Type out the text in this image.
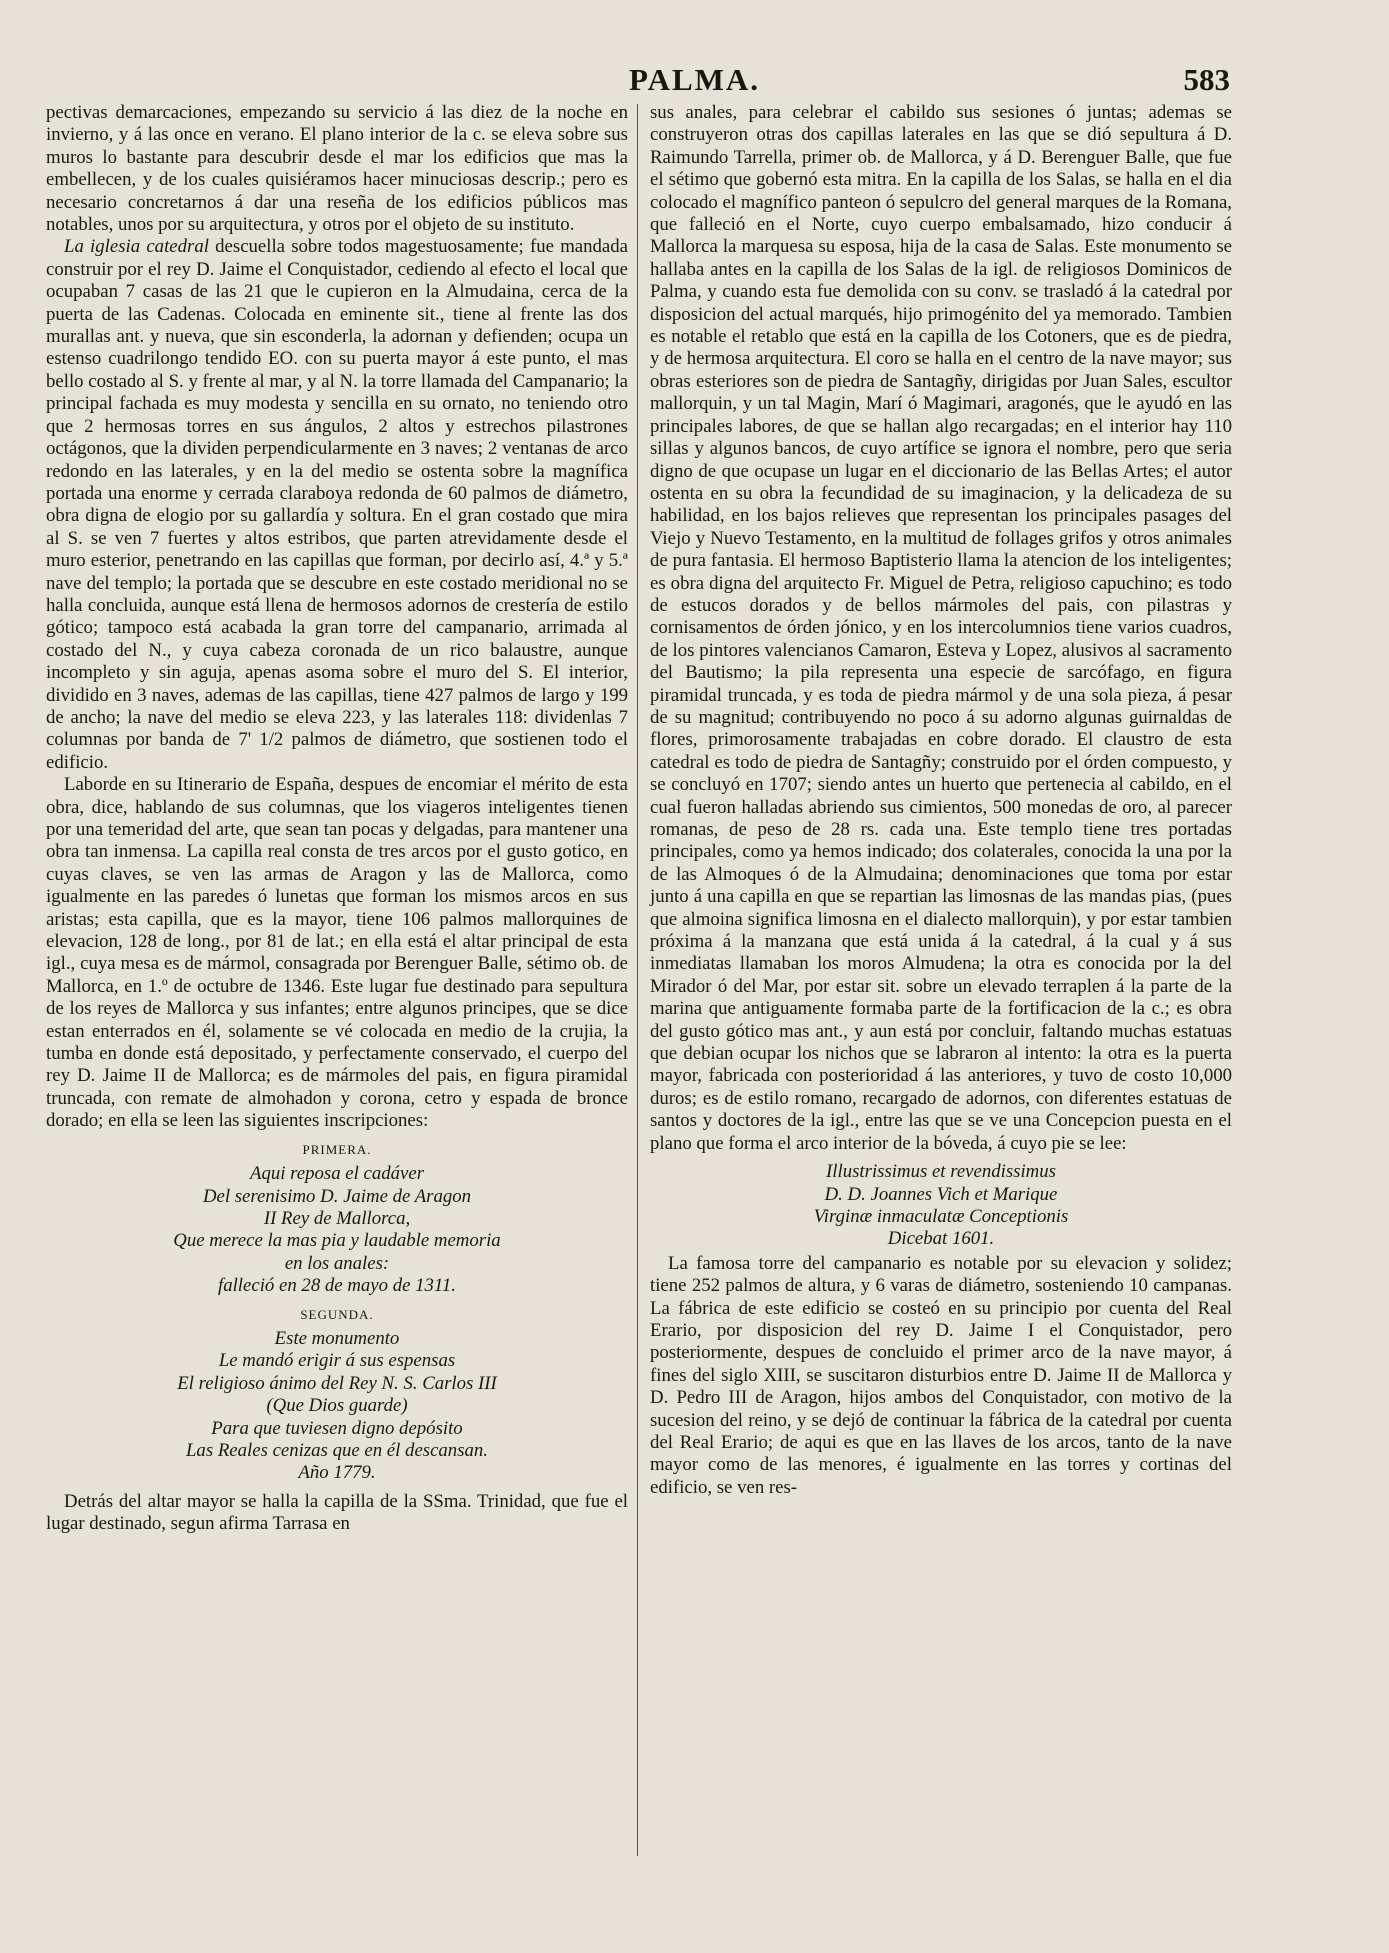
PALMA.	583

pectivas demarcaciones, empezando su servicio á las diez de la noche en invierno, y á las once en verano. El plano interior de la c. se eleva sobre sus muros lo bastante para descubrir desde el mar los edificios que mas la embellecen, y de los cuales quisiéramos hacer minuciosas descrip.; pero es necesario concretarnos á dar una reseña de los edificios públicos mas notables, unos por su arquitectura, y otros por el objeto de su instituto.

La iglesia catedral descuella sobre todos magestuosamente; fue mandada construir por el rey D. Jaime el Conquistador, cediendo al efecto el local que ocupaban 7 casas de las 21 que le cupieron en la Almudaina, cerca de la puerta de las Cadenas. Colocada en eminente sit., tiene al frente las dos murallas ant. y nueva, que sin esconderla, la adornan y defienden; ocupa un estenso cuadrilongo tendido EO. con su puerta mayor á este punto, el mas bello costado al S. y frente al mar, y al N. la torre llamada del Campanario; la principal fachada es muy modesta y sencilla en su ornato, no teniendo otro que 2 hermosas torres en sus ángulos, 2 altos y estrechos pilastrones octágonos, que la dividen perpendicularmente en 3 naves; 2 ventanas de arco redondo en las laterales, y en la del medio se ostenta sobre la magnífica portada una enorme y cerrada claraboya redonda de 60 palmos de diámetro, obra digna de elogio por su gallardía y soltura. En el gran costado que mira al S. se ven 7 fuertes y altos estribos, que parten atrevidamente desde el muro esterior, penetrando en las capillas que forman, por decirlo así, 4.ª y 5.ª nave del templo; la portada que se descubre en este costado meridional no se halla concluida, aunque está llena de hermosos adornos de crestería de estilo gótico; tampoco está acabada la gran torre del campanario, arrimada al costado del N., y cuya cabeza coronada de un rico balaustre, aunque incompleto y sin aguja, apenas asoma sobre el muro del S. El interior, dividido en 3 naves, ademas de las capillas, tiene 427 palmos de largo y 199 de ancho; la nave del medio se eleva 223, y las laterales 118: dividenlas 7 columnas por banda de 7' 1/2 palmos de diámetro, que sostienen todo el edificio.

Laborde en su Itinerario de España, despues de encomiar el mérito de esta obra, dice, hablando de sus columnas, que los viageros inteligentes tienen por una temeridad del arte, que sean tan pocas y delgadas, para mantener una obra tan inmensa. La capilla real consta de tres arcos por el gusto gotico, en cuyas claves, se ven las armas de Aragon y las de Mallorca, como igualmente en las paredes ó lunetas que forman los mismos arcos en sus aristas; esta capilla, que es la mayor, tiene 106 palmos mallorquines de elevacion, 128 de long., por 81 de lat.; en ella está el altar principal de esta igl., cuya mesa es de mármol, consagrada por Berenguer Balle, sétimo ob. de Mallorca, en 1.º de octubre de 1346. Este lugar fue destinado para sepultura de los reyes de Mallorca y sus infantes; entre algunos principes, que se dice estan enterrados en él, solamente se vé colocada en medio de la crujia, la tumba en donde está depositado, y perfectamente conservado, el cuerpo del rey D. Jaime II de Mallorca; es de mármoles del pais, en figura piramidal truncada, con remate de almohadon y corona, cetro y espada de bronce dorado; en ella se leen las siguientes inscripciones:

PRIMERA.
Aqui reposa el cadáver
Del serenisimo D. Jaime de Aragon
II Rey de Mallorca,
Que merece la mas pia y laudable memoria
en los anales:
falleció en 28 de mayo de 1311.
SEGUNDA.
Este monumento
Le mandó erigir á sus espensas
El religioso ánimo del Rey N. S. Carlos III
(Que Dios guarde)
Para que tuviesen digno depósito
Las Reales cenizas que en él descansan.
Año 1779.

Detrás del altar mayor se halla la capilla de la SSma. Trinidad, que fue el lugar destinado, segun afirma Tarrasa en

sus anales, para celebrar el cabildo sus sesiones ó juntas; ademas se construyeron otras dos capillas laterales en las que se dió sepultura á D. Raimundo Tarrella, primer ob. de Mallorca, y á D. Berenguer Balle, que fue el sétimo que gobernó esta mitra. En la capilla de los Salas, se halla en el dia colocado el magnífico panteon ó sepulcro del general marques de la Romana, que falleció en el Norte, cuyo cuerpo embalsamado, hizo conducir á Mallorca la marquesa su esposa, hija de la casa de Salas. Este monumento se hallaba antes en la capilla de los Salas de la igl. de religiosos Dominicos de Palma, y cuando esta fue demolida con su conv. se trasladó á la catedral por disposicion del actual marqués, hijo primogénito del ya memorado. Tambien es notable el retablo que está en la capilla de los Cotoners, que es de piedra, y de hermosa arquitectura. El coro se halla en el centro de la nave mayor; sus obras esteriores son de piedra de Santagñy, dirigidas por Juan Sales, escultor mallorquin, y un tal Magin, Marí ó Magimari, aragonés, que le ayudó en las principales labores, de que se hallan algo recargadas; en el interior hay 110 sillas y algunos bancos, de cuyo artífice se ignora el nombre, pero que seria digno de que ocupase un lugar en el diccionario de las Bellas Artes; el autor ostenta en su obra la fecundidad de su imaginacion, y la delicadeza de su habilidad, en los bajos relieves que representan los principales pasages del Viejo y Nuevo Testamento, en la multitud de follages grifos y otros animales de pura fantasia. El hermoso Baptisterio llama la atencion de los inteligentes; es obra digna del arquitecto Fr. Miguel de Petra, religioso capuchino; es todo de estucos dorados y de bellos mármoles del pais, con pilastras y cornisamentos de órden jónico, y en los intercolumnios tiene varios cuadros, de los pintores valencianos Camaron, Esteva y Lopez, alusivos al sacramento del Bautismo; la pila representa una especie de sarcófago, en figura piramidal truncada, y es toda de piedra mármol y de una sola pieza, á pesar de su magnitud; contribuyendo no poco á su adorno algunas guirnaldas de flores, primorosamente trabajadas en cobre dorado. El claustro de esta catedral es todo de piedra de Santagñy; construido por el órden compuesto, y se concluyó en 1707; siendo antes un huerto que pertenecia al cabildo, en el cual fueron halladas abriendo sus cimientos, 500 monedas de oro, al parecer romanas, de peso de 28 rs. cada una. Este templo tiene tres portadas principales, como ya hemos indicado; dos colaterales, conocida la una por la de las Almoques ó de la Almudaina; denominaciones que toma por estar junto á una capilla en que se repartian las limosnas de las mandas pias, (pues que almoina significa limosna en el dialecto mallorquin), y por estar tambien próxima á la manzana que está unida á la catedral, á la cual y á sus inmediatas llamaban los moros Almudena; la otra es conocida por la del Mirador ó del Mar, por estar sit. sobre un elevado terraplen á la parte de la marina que antiguamente formaba parte de la fortificacion de la c.; es obra del gusto gótico mas ant., y aun está por concluir, faltando muchas estatuas que debian ocupar los nichos que se labraron al intento: la otra es la puerta mayor, fabricada con posterioridad á las anteriores, y tuvo de costo 10,000 duros; es de estilo romano, recargado de adornos, con diferentes estatuas de santos y doctores de la igl., entre las que se ve una Concepcion puesta en el plano que forma el arco interior de la bóveda, á cuyo pie se lee:

Illustrissimus et revendissimus
D. D. Joannes Vich et Marique
Virginæ inmaculatæ Conceptionis
Dicebat 1601.

La famosa torre del campanario es notable por su elevacion y solidez; tiene 252 palmos de altura, y 6 varas de diámetro, sosteniendo 10 campanas. La fábrica de este edificio se costeó en su principio por cuenta del Real Erario, por disposicion del rey D. Jaime I el Conquistador, pero posteriormente, despues de concluido el primer arco de la nave mayor, á fines del siglo XIII, se suscitaron disturbios entre D. Jaime II de Mallorca y D. Pedro III de Aragon, hijos ambos del Conquistador, con motivo de la sucesion del reino, y se dejó de continuar la fábrica de la catedral por cuenta del Real Erario; de aqui es que en las llaves de los arcos, tanto de la nave mayor como de las menores, é igualmente en las torres y cortinas del edificio, se ven res-
